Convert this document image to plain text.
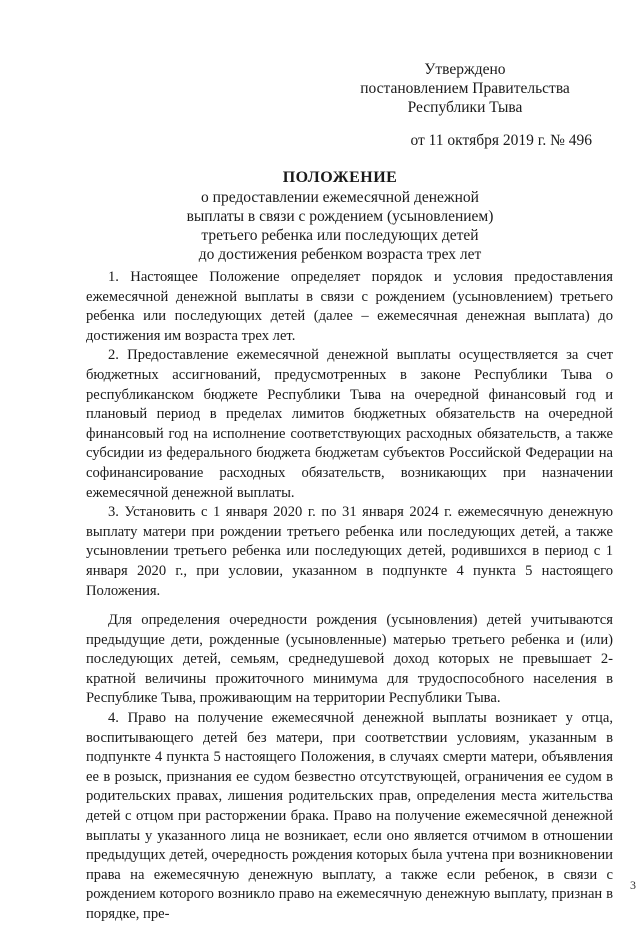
Утверждено
постановлением Правительства
Республики Тыва
от 11 октября 2019 г. № 496
ПОЛОЖЕНИЕ
о предоставлении ежемесячной денежной
выплаты в связи с рождением (усыновлением)
третьего ребенка или последующих детей
до достижения ребенком возраста трех лет

1. Настоящее Положение определяет порядок и условия предоставления ежемесячной денежной выплаты в связи с рождением (усыновлением) третьего ребенка или последующих детей (далее – ежемесячная денежная выплата) до достижения им возраста трех лет.

2. Предоставление ежемесячной денежной выплаты осуществляется за счет бюджетных ассигнований, предусмотренных в законе Республики Тыва о республиканском бюджете Республики Тыва на очередной финансовый год и плановый период в пределах лимитов бюджетных обязательств на очередной финансовый год на исполнение соответствующих расходных обязательств, а также субсидии из федерального бюджета бюджетам субъектов Российской Федерации на софинансирование расходных обязательств, возникающих при назначении ежемесячной денежной выплаты.

3. Установить с 1 января 2020 г. по 31 января 2024 г. ежемесячную денежную выплату матери при рождении третьего ребенка или последующих детей, а также усыновлении третьего ребенка или последующих детей, родившихся в период с 1 января 2020 г., при условии, указанном в подпункте 4 пункта 5 настоящего Положения.

Для определения очередности рождения (усыновления) детей учитываются предыдущие дети, рожденные (усыновленные) матерью третьего ребенка и (или) последующих детей, семьям, среднедушевой доход которых не превышает 2-кратной величины прожиточного минимума для трудоспособного населения в Республике Тыва, проживающим на территории Республики Тыва.

4. Право на получение ежемесячной денежной выплаты возникает у отца, воспитывающего детей без матери, при соответствии условиям, указанным в подпункте 4 пункта 5 настоящего Положения, в случаях смерти матери, объявления ее в розыск, признания ее судом безвестно отсутствующей, ограничения ее судом в родительских правах, лишения родительских прав, определения места жительства детей с отцом при расторжении брака. Право на получение ежемесячной денежной выплаты у указанного лица не возникает, если оно является отчимом в отношении предыдущих детей, очередность рождения которых была учтена при возникновении права на ежемесячную денежную выплату, а также если ребенок, в связи с рождением которого возникло право на ежемесячную денежную выплату, признан в порядке, пре-

3
